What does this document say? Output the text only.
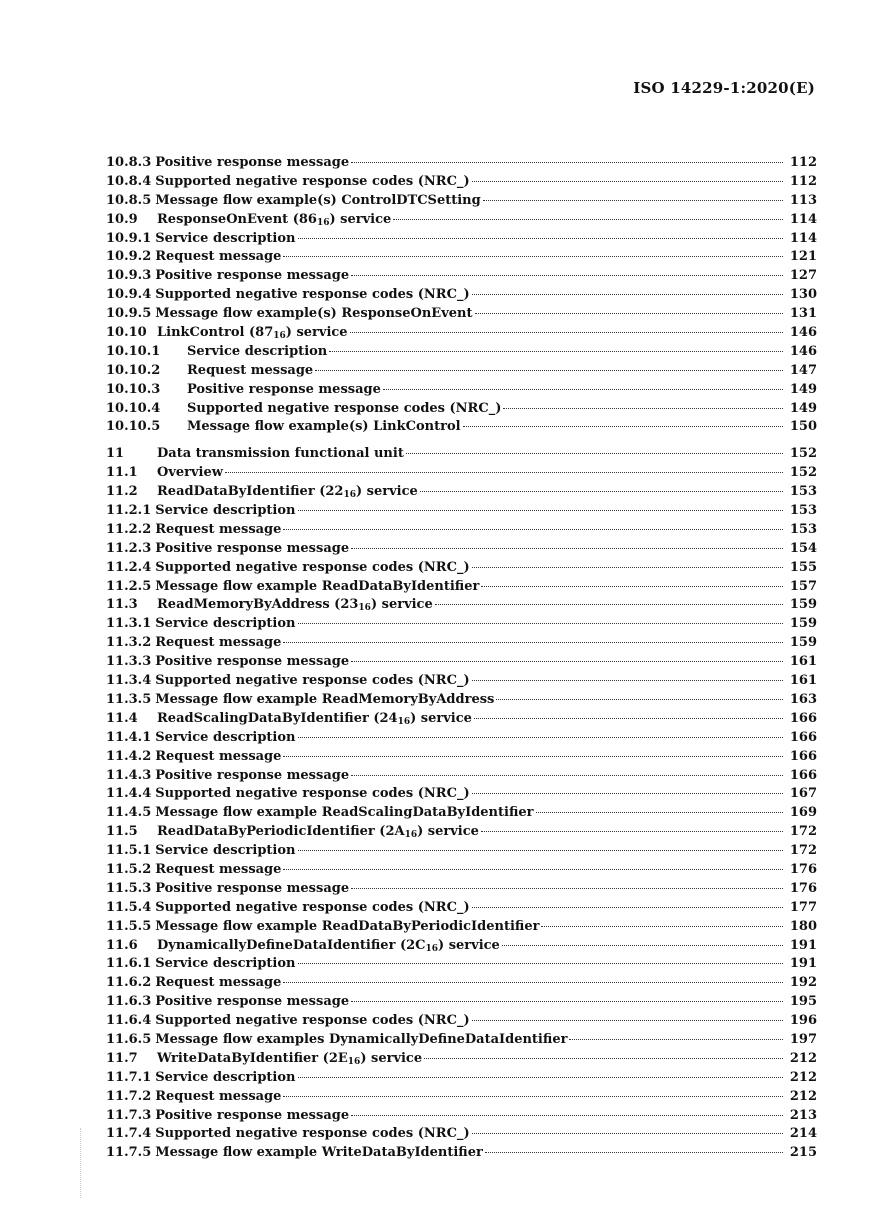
ISO 14229-1:2020(E)
10.8.3 Positive response message	112
10.8.4 Supported negative response codes (NRC_)	112
10.8.5 Message flow example(s) ControlDTCSetting	113
10.9	ResponseOnEvent $(86_{16})$ service	114
10.9.1 Service description	114
10.9.2 Request message	121
10.9.3 Positive response message	127
10.9.4 Supported negative response codes (NRC_)	130
10.9.5 Message flow example(s) ResponseOnEvent	131
10.10 LinkControl $(87_{16})$ service	146
10.10.1	Service description	146
10.10.2	Request message	147
10.10.3	Positive response message	149
10.10.4	Supported negative response codes (NRC_)	149
10.10.5	Message flow example(s) LinkControl	150
11	Data transmission functional unit	152
11.1	Overview	152
11.2	ReadDataByIdentifier $(22_{16})$ service	153
11.2.1 Service description	153
11.2.2 Request message	153
11.2.3 Positive response message	154
11.2.4 Supported negative response codes (NRC_)	155
11.2.5 Message flow example ReadDataByIdentifier	157
11.3	ReadMemoryByAddress $(23_{16})$ service	159
11.3.1 Service description	159
11.3.2 Request message	159
11.3.3 Positive response message	161
11.3.4 Supported negative response codes (NRC_)	161
11.3.5 Message flow example ReadMemoryByAddress	163
11.4	ReadScalingDataByIdentifier $(24_{16})$ service	166
11.4.1 Service description	166
11.4.2 Request message	166
11.4.3 Positive response message	166
11.4.4 Supported negative response codes (NRC_)	167
11.4.5 Message flow example ReadScalingDataByIdentifier	169
11.5	ReadDataByPeriodicIdentifier $(2A_{16})$ service	172
11.5.1 Service description	172
11.5.2 Request message	176
11.5.3 Positive response message	176
11.5.4 Supported negative response codes (NRC_)	177
11.5.5 Message flow example ReadDataByPeriodicIdentifier	180
11.6	DynamicallyDefineDataIdentifier $(2C_{16})$ service	191
11.6.1 Service description	191
11.6.2 Request message	192
11.6.3 Positive response message	195
11.6.4 Supported negative response codes (NRC_)	196
11.6.5 Message flow examples DynamicallyDefineDataIdentifier	197
11.7	WriteDataByIdentifier $(2E_{16})$ service	212
11.7.1 Service description	212
11.7.2 Request message	212
11.7.3 Positive response message	213
11.7.4 Supported negative response codes (NRC_)	214
11.7.5 Message flow example WriteDataByIdentifier	215
